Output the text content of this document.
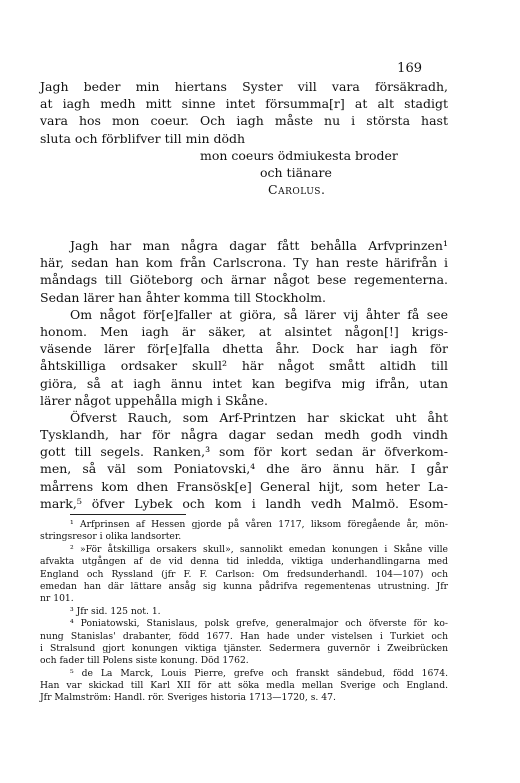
169
Jagh beder min hiertans Syster vill vara försäkradh,
at iagh medh mitt sinne intet försumma[r] at alt stadigt
vara hos mon coeur. Och iagh måste nu i största hast
sluta och förblifver till min dödh
mon coeurs ödmiukesta broder
och tiänare
Carolus.
Jagh har man några dagar fått behålla Arfvprinzen¹
här, sedan han kom från Carlscrona. Ty han reste härifrån i
måndags till Giöteborg och ärnar något bese regementerna.
Sedan lärer han åhter komma till Stockholm.
Om något för[e]faller at giöra, så lärer vij åhter få see
honom. Men iagh är säker, at alsintet någon[!] krigs-
väsende lärer för[e]falla dhetta åhr. Dock har iagh för
åhtskilliga ordsaker skull² här något smått altidh till
giöra, så at iagh ännu intet kan begifva mig ifrån, utan
lärer något uppehålla migh i Skåne.
Öfverst Rauch, som Arf-Printzen har skickat uht åht
Tysklandh, har för några dagar sedan medh godh vindh
gott till segels. Ranken,³ som för kort sedan är öfverkom-
men, så väl som Poniatovski,⁴ dhe äro ännu här. I går
mårrens kom dhen Fransösk[e] General hijt, som heter La-
mark,⁵ öfver Lybek och kom i landh vedh Malmö. Esom-
¹ Arfprinsen af Hessen gjorde på våren 1717, liksom föregående år, mön-
stringsresor i olika landsorter.
² »För åtskilliga orsakers skull», sannolikt emedan konungen i Skåne ville
afvakta utgången af de vid denna tid inledda, viktiga underhandlingarna med
England och Ryssland (jfr F. F. Carlson: Om fredsunderhandl. 104—107) och
emedan han där lättare ansåg sig kunna pådrifva regementenas utrustning. Jfr
nr 101.
³ Jfr sid. 125 not. 1.
⁴ Poniatowski, Stanislaus, polsk grefve, generalmajor och öfverste för ko-
nung Stanislas' drabanter, född 1677. Han hade under vistelsen i Turkiet och
i Stralsund gjort konungen viktiga tjänster. Sedermera guvernör i Zweibrücken
och fader till Polens siste konung. Död 1762.
⁵ de La Marck, Louis Pierre, grefve och franskt sändebud, född 1674.
Han var skickad till Karl XII för att söka medla mellan Sverige och England.
Jfr Malmström: Handl. rör. Sveriges historia 1713—1720, s. 47.
